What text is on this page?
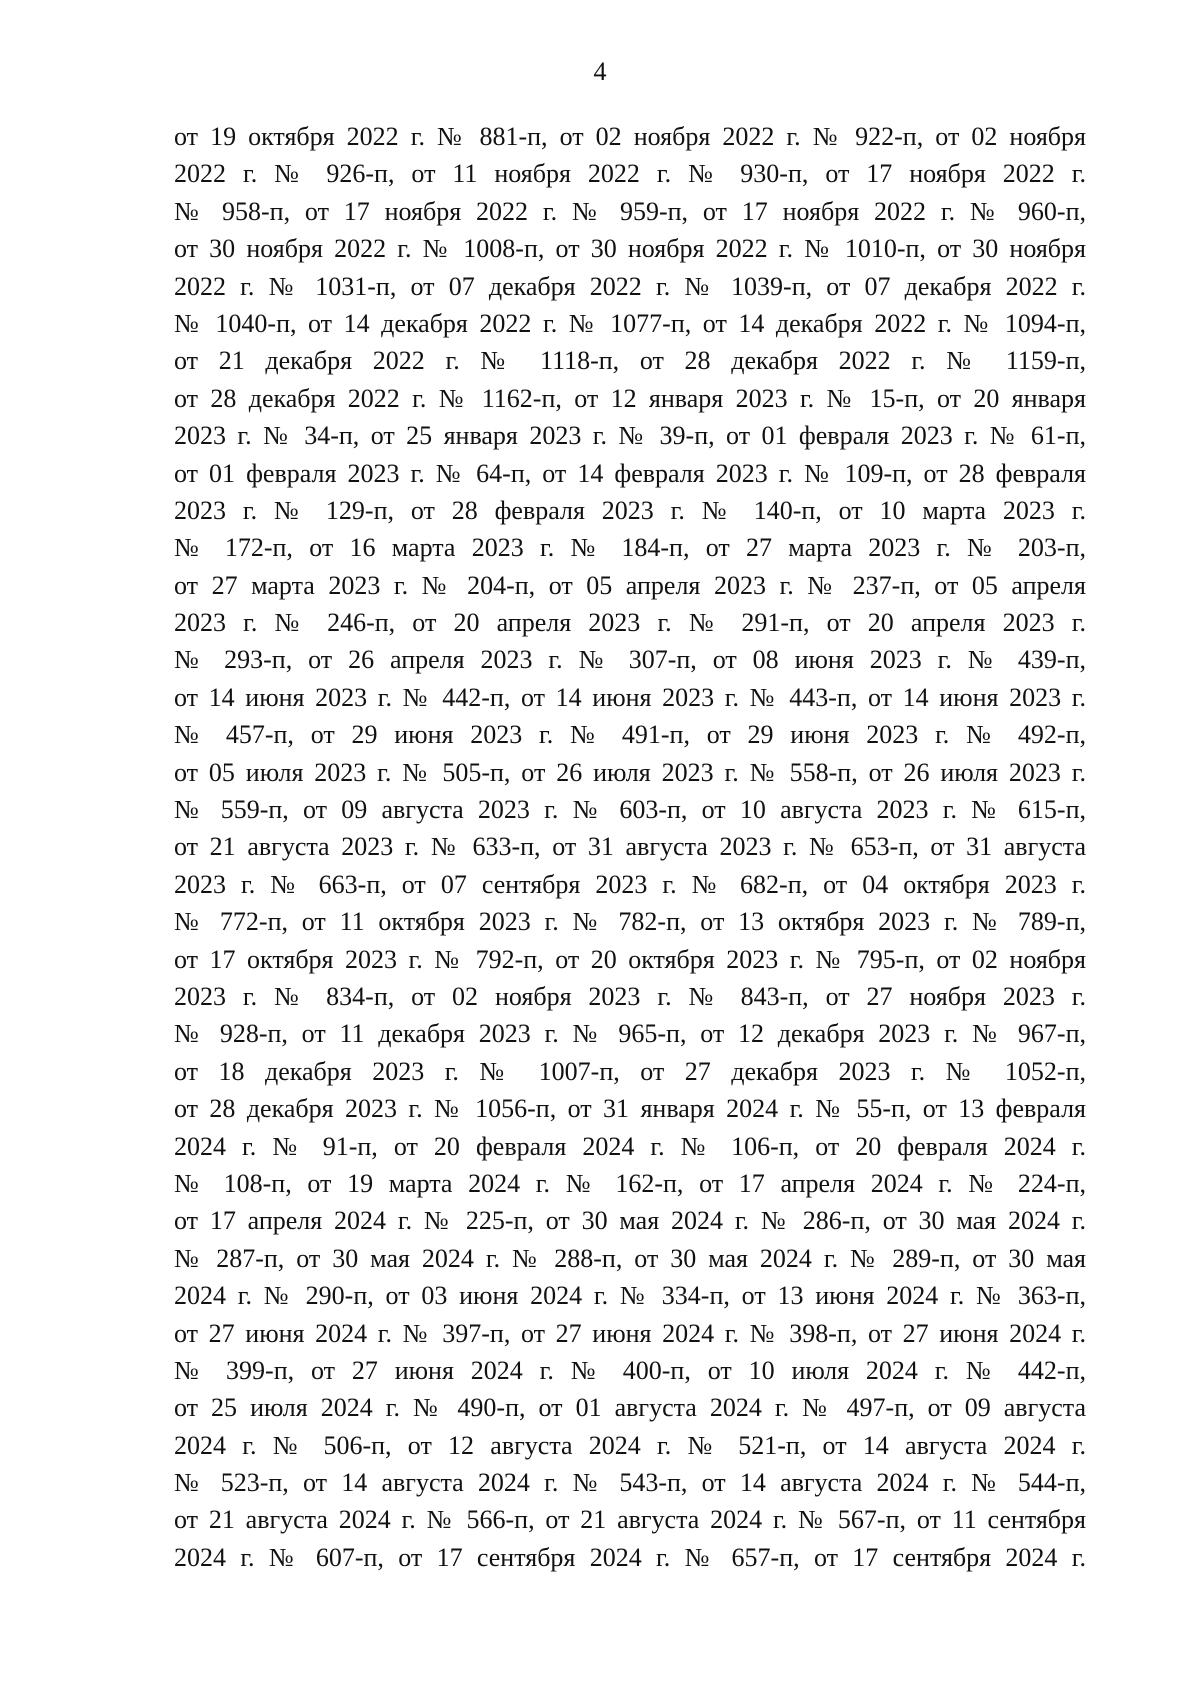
4
от 19 октября 2022 г. № 881-п, от 02 ноября 2022 г. № 922-п, от 02 ноября
2022 г. № 926-п, от 11 ноября 2022 г. № 930-п, от 17 ноября 2022 г.
№ 958-п, от 17 ноября 2022 г. № 959-п, от 17 ноября 2022 г. № 960-п,
от 30 ноября 2022 г. № 1008-п, от 30 ноября 2022 г. № 1010-п, от 30 ноября
2022 г. № 1031-п, от 07 декабря 2022 г. № 1039-п, от 07 декабря 2022 г.
№ 1040-п, от 14 декабря 2022 г. № 1077-п, от 14 декабря 2022 г. № 1094-п,
от 21 декабря 2022 г. № 1118-п, от 28 декабря 2022 г. № 1159-п,
от 28 декабря 2022 г. № 1162-п, от 12 января 2023 г. № 15-п, от 20 января
2023 г. № 34-п, от 25 января 2023 г. № 39-п, от 01 февраля 2023 г. № 61-п,
от 01 февраля 2023 г. № 64-п, от 14 февраля 2023 г. № 109-п, от 28 февраля
2023 г. № 129-п, от 28 февраля 2023 г. № 140-п, от 10 марта 2023 г.
№ 172-п, от 16 марта 2023 г. № 184-п, от 27 марта 2023 г. № 203-п,
от 27 марта 2023 г. № 204-п, от 05 апреля 2023 г. № 237-п, от 05 апреля
2023 г. № 246-п, от 20 апреля 2023 г. № 291-п, от 20 апреля 2023 г.
№ 293-п, от 26 апреля 2023 г. № 307-п, от 08 июня 2023 г. № 439-п,
от 14 июня 2023 г. № 442-п, от 14 июня 2023 г. № 443-п, от 14 июня 2023 г.
№ 457-п, от 29 июня 2023 г. № 491-п, от 29 июня 2023 г. № 492-п,
от 05 июля 2023 г. № 505-п, от 26 июля 2023 г. № 558-п, от 26 июля 2023 г.
№ 559-п, от 09 августа 2023 г. № 603-п, от 10 августа 2023 г. № 615-п,
от 21 августа 2023 г. № 633-п, от 31 августа 2023 г. № 653-п, от 31 августа
2023 г. № 663-п, от 07 сентября 2023 г. № 682-п, от 04 октября 2023 г.
№ 772-п, от 11 октября 2023 г. № 782-п, от 13 октября 2023 г. № 789-п,
от 17 октября 2023 г. № 792-п, от 20 октября 2023 г. № 795-п, от 02 ноября
2023 г. № 834-п, от 02 ноября 2023 г. № 843-п, от 27 ноября 2023 г.
№ 928-п, от 11 декабря 2023 г. № 965-п, от 12 декабря 2023 г. № 967-п,
от 18 декабря 2023 г. № 1007-п, от 27 декабря 2023 г. № 1052-п,
от 28 декабря 2023 г. № 1056-п, от 31 января 2024 г. № 55-п, от 13 февраля
2024 г. № 91-п, от 20 февраля 2024 г. № 106-п, от 20 февраля 2024 г.
№ 108-п, от 19 марта 2024 г. № 162-п, от 17 апреля 2024 г. № 224-п,
от 17 апреля 2024 г. № 225-п, от 30 мая 2024 г. № 286-п, от 30 мая 2024 г.
№ 287-п, от 30 мая 2024 г. № 288-п, от 30 мая 2024 г. № 289-п, от 30 мая
2024 г. № 290-п, от 03 июня 2024 г. № 334-п, от 13 июня 2024 г. № 363-п,
от 27 июня 2024 г. № 397-п, от 27 июня 2024 г. № 398-п, от 27 июня 2024 г.
№ 399-п, от 27 июня 2024 г. № 400-п, от 10 июля 2024 г. № 442-п,
от 25 июля 2024 г. № 490-п, от 01 августа 2024 г. № 497-п, от 09 августа
2024 г. № 506-п, от 12 августа 2024 г. № 521-п, от 14 августа 2024 г.
№ 523-п, от 14 августа 2024 г. № 543-п, от 14 августа 2024 г. № 544-п,
от 21 августа 2024 г. № 566-п, от 21 августа 2024 г. № 567-п, от 11 сентября
2024 г. № 607-п, от 17 сентября 2024 г. № 657-п, от 17 сентября 2024 г.
